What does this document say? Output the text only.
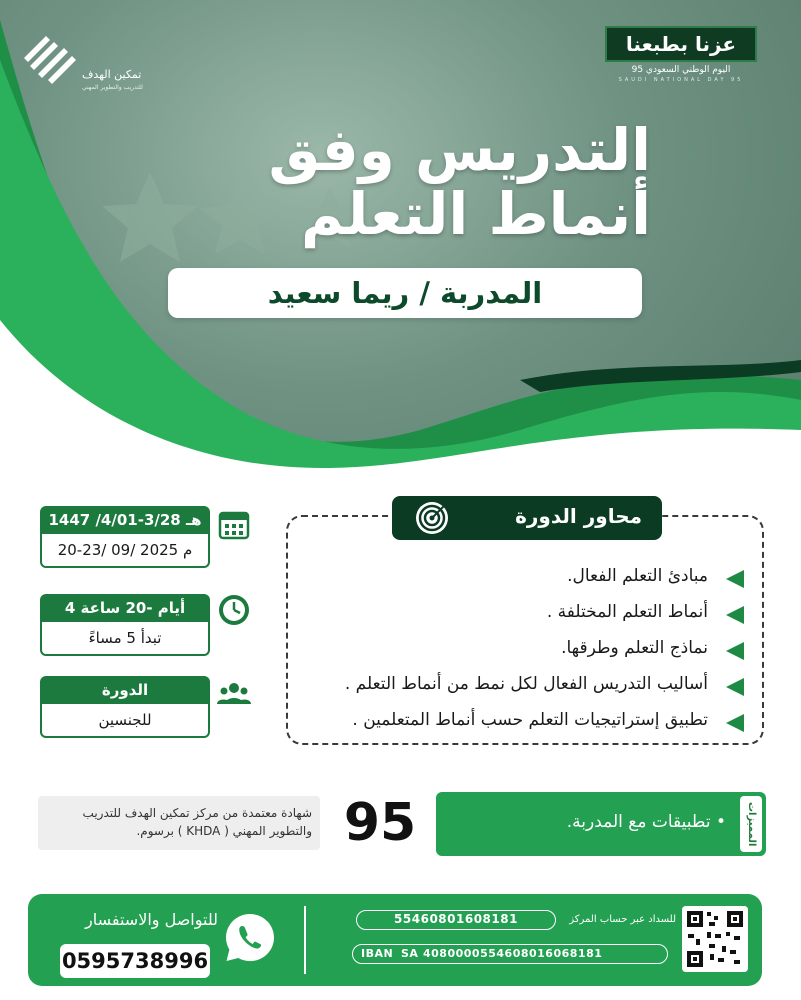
تمكين الهدف
للتدريب والتطوير المهني
عزنا بطبعنا
اليوم الوطني السعودي 95
SAUDI NATIONAL DAY 95
التدريس وفق
أنماط التعلم
المدربة / ريما سعيد
مبادئ التعلم الفعال.
أنماط التعلم المختلفة .
نماذج التعلم وطرقها.
أساليب التدريس الفعال لكل نمط من أنماط التعلم .
تطبيق إستراتيجيات التعلم حسب أنماط المتعلمين .
محاور الدورة
1447 /4/01-3/28 هـ
20-23/ 09/ 2025 م
4 أيام -20 ساعة
تبدأ 5 مساءً
الدورة
للجنسين
شهادة معتمدة من مركز تمكين الهدف للتدريب والتطوير المهني ( KHDA ) برسوم. 95	المميزات
• تطبيقات مع المدربة.
للسداد عبر حساب المركز
55460801608181
IBAN SA 4080000554608016068181
للتواصل والاستفسار
0595738996
